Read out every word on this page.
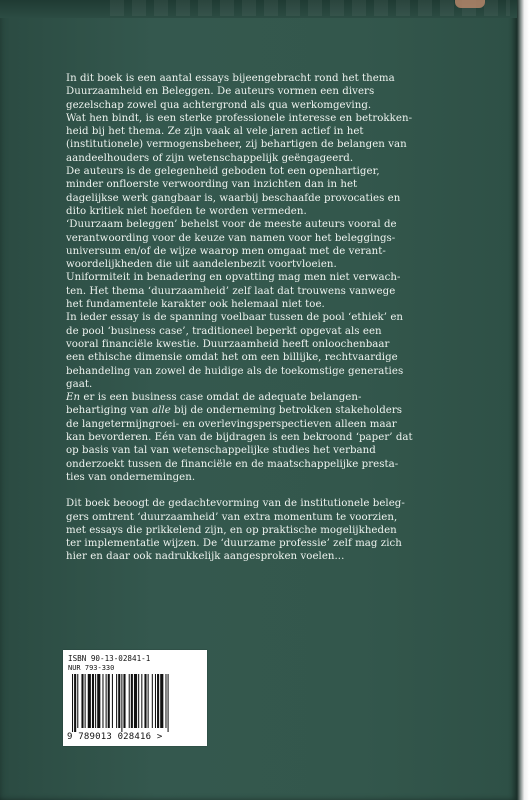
In dit boek is een aantal essays bijeengebracht rond het thema

Duurzaamheid en Beleggen. De auteurs vormen een divers

gezelschap zowel qua achtergrond als qua werkomgeving.

Wat hen bindt, is een sterke professionele interesse en betrokken-

heid bij het thema. Ze zijn vaak al vele jaren actief in het

(institutionele) vermogensbeheer, zij behartigen de belangen van

aandeelhouders of zijn wetenschappelijk geëngageerd.

De auteurs is de gelegenheid geboden tot een openhartiger,

minder onfloerste verwoording van inzichten dan in het

dagelijkse werk gangbaar is, waarbij beschaafde provocaties en

dito kritiek niet hoefden te worden vermeden.

‘Duurzaam beleggen’ behelst voor de meeste auteurs vooral de

verantwoording voor de keuze van namen voor het beleggings-

universum en/of de wijze waarop men omgaat met de verant-

woordelijkheden die uit aandelenbezit voortvloeien.

Uniformiteit in benadering en opvatting mag men niet verwach-

ten. Het thema ‘duurzaamheid’ zelf laat dat trouwens vanwege

het fundamentele karakter ook helemaal niet toe.

In ieder essay is de spanning voelbaar tussen de pool ‘ethiek’ en

de pool ‘business case’, traditioneel beperkt opgevat als een

vooral financiële kwestie. Duurzaamheid heeft onloochenbaar

een ethische dimensie omdat het om een billijke, rechtvaardige

behandeling van zowel de huidige als de toekomstige generaties

gaat.

En er is een business case omdat de adequate belangen-

behartiging van alle bij de onderneming betrokken stakeholders

de langetermijngroei- en overlevingsperspectieven alleen maar

kan bevorderen. Eén van de bijdragen is een bekroond ‘paper’ dat

op basis van tal van wetenschappelijke studies het verband

onderzoekt tussen de financiële en de maatschappelijke presta-

ties van ondernemingen.

Dit boek beoogt de gedachtevorming van de institutionele beleg-

gers omtrent ‘duurzaamheid’ van extra momentum te voorzien,

met essays die prikkelend zijn, en op praktische mogelijkheden

ter implementatie wijzen. De ‘duurzame professie’ zelf mag zich

hier en daar ook nadrukkelijk aangesproken voelen...

ISBN 90-13-02841-1
NUR 793-330
9 789013 028416 >
